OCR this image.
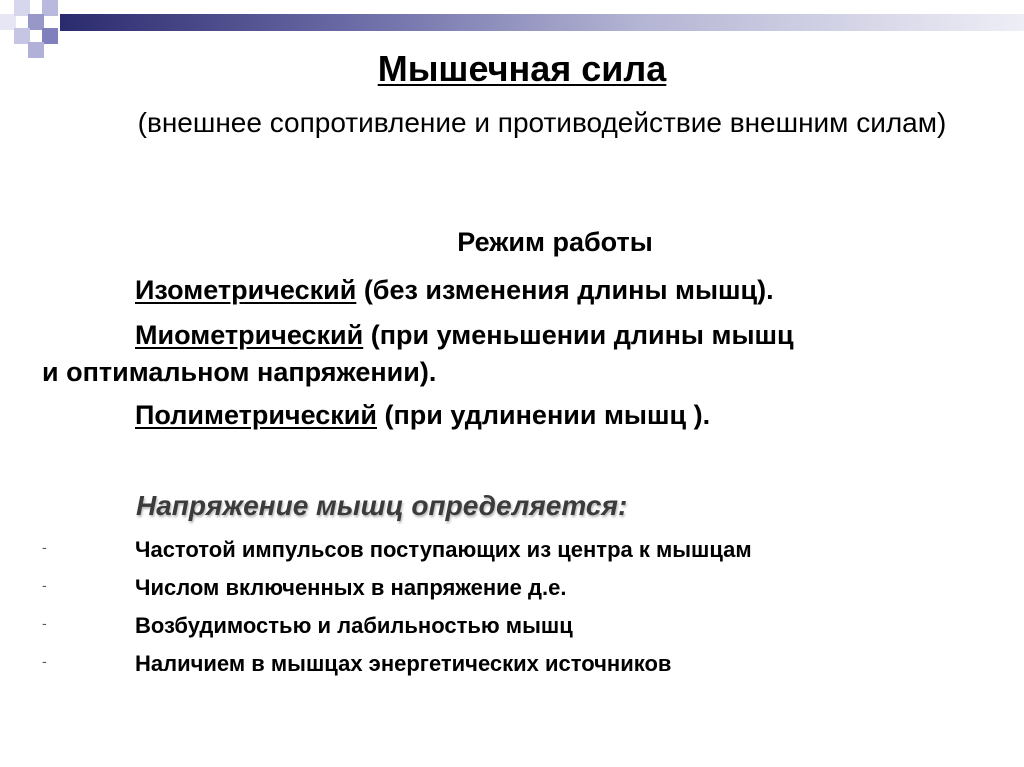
Мышечная сила
(внешнее сопротивление и противодействие внешним силам)
Режим работы
Изометрический (без изменения длины мышц).
Миометрический (при уменьшении длины мышц
и оптимальном напряжении).
Полиметрический (при удлинении мышц ).
Напряжение мышц определяется:
-	Частотой импульсов поступающих из центра к мышцам
-	Числом включенных в напряжение д.е.
-	Возбудимостью и лабильностью мышц
-	Наличием в мышцах энергетических источников
